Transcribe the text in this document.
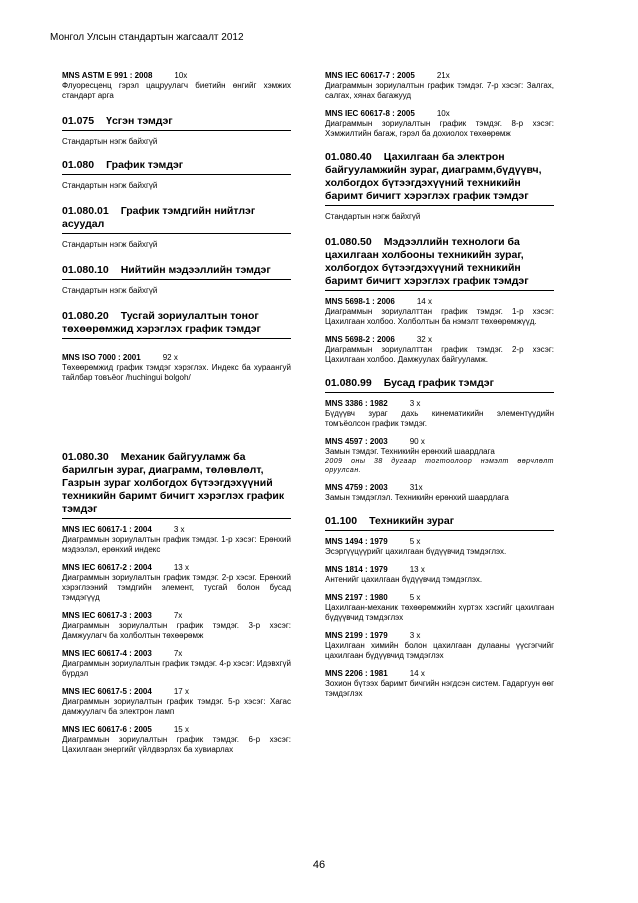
Монгол Улсын стандартын жагсаалт 2012
MNS ASTM E 991 : 2008	10x
Флуоресценц гэрэл цацруулагч биетийн өнгийг хэмжих стандарт арга
01.075 Үсгэн тэмдэг
Стандартын нэгж байхгүй
01.080 График тэмдэг
Стандартын нэгж байхгүй
01.080.01 График тэмдгийн нийтлэг асуудал
Стандартын нэгж байхгүй
01.080.10 Нийтийн мэдээллийн тэмдэг
Стандартын нэгж байхгүй
01.080.20 Тусгай зориулалтын тоног төхөөрөмжид хэрэглэх график тэмдэг
MNS ISO 7000 : 2001	92 x
Төхөөрөмжид график тэмдэг хэрэглэх. Индекс ба хураангуй тайлбар товъёог /huchingui bolgoh/
01.080.30 Механик байгууламж ба барилгын зураг, диаграмм, төлөвлөлт, Газрын зураг холбогдох бүтээгдэхүүний техникийн баримт бичигт хэрэглэх график тэмдэг
MNS IEC 60617-1 : 2004	3 x
Диаграммын зориулалтын график тэмдэг. 1-р хэсэг: Ерөнхий мэдээлэл, ерөнхий индекс
MNS IEC 60617-2 : 2004	13 x
Диаграммын зориулалтын график тэмдэг. 2-р хэсэг. Ерөнхий хэрэглээний тэмдгийн элемент, тусгай болон бусад тэмдэгүүд
MNS IEC 60617-3 : 2003	7x
Диаграммын зориулалтын график тэмдэг. 3-р хэсэг: Дамжуулагч ба холболтын төхөөрөмж
MNS IEC 60617-4 : 2003	7x
Диаграммын зориулалтын график тэмдэг. 4-р хэсэг: Идэвхгүй бүрдэл
MNS IEC 60617-5 : 2004	17 x
Диаграммын зориулалтын график тэмдэг. 5-р хэсэг: Хагас дамжуулагч ба электрон ламп
MNS IEC 60617-6 : 2005	15 x
Диаграммын зориулалтын график тэмдэг. 6-р хэсэг: Цахилгаан энергийг үйлдвэрлэх ба хувиарлах
MNS IEC 60617-7 : 2005	21x
Диаграммын зориулалтын график тэмдэг. 7-р хэсэг: Залгах, салгах, хянах багажууд
MNS IEC 60617-8 : 2005	10x
Диаграммын зориулалтын график тэмдэг. 8-р хэсэг: Хэмжилтийн багаж, гэрэл ба дохиолох төхөөрөмж
01.080.40 Цахилгаан ба электрон байгууламжийн зураг, диаграмм,бүдүүвч, холбогдох бүтээгдэхүүний техникийн баримт бичигт хэрэглэх график тэмдэг
Стандартын нэгж байхгүй
01.080.50 Мэдээллийн технологи ба цахилгаан холбооны техникийн зураг, холбогдох бүтээгдэхүүний техникийн баримт бичигт хэрэглэх график тэмдэг
MNS 5698-1 : 2006	14 x
Диаграммын зориулалттан график тэмдэг. 1-р хэсэг: Цахилгаан холбоо. Холболтын ба нэмэлт төхөөрөмжүүд.
MNS 5698-2 : 2006	32 x
Диаграммын зориулалттан график тэмдэг. 2-р хэсэг: Цахилгаан холбоо. Дамжуулах байгууламж.
01.080.99 Бусад график тэмдэг
MNS 3386 : 1982	3 x
Бүдүүвч зураг дахь кинематикийн элементүүдийн томъёолсон график тэмдэг.
MNS 4597 : 2003	90 x
Замын тэмдэг. Техникийн ерөнхий шаардлага
2009 оны 38 дугаар тогтоолоор нэмэлт өөрчлөлт оруулсан.
MNS 4759 : 2003	31x
Замын тэмдэглэл. Техникийн ерөнхий шаардлага
01.100 Техникийн зураг
MNS 1494 : 1979	5 x
Эсэргүүцүүрийг цахилгаан бүдүүвчид тэмдэглэх.
MNS 1814 : 1979	13 x
Антенийг цахилгаан бүдүүвчид тэмдэглэх.
MNS 2197 : 1980	5 x
Цахилгаан-механик төхөөрөмжийн хүртэх хэсгийг цахилгаан бүдүүвчид тэмдэглэх
MNS 2199 : 1979	3 x
Цахилгаан химийн болон цахилгаан дулааны үүсгэгчийг цахилгаан бүдүүвчид тэмдэглэх
MNS 2206 : 1981	14 x
Зохион бүтээх баримт бичгийн нэгдсэн систем. Гадаргуун өөг тэмдэглэх
46
